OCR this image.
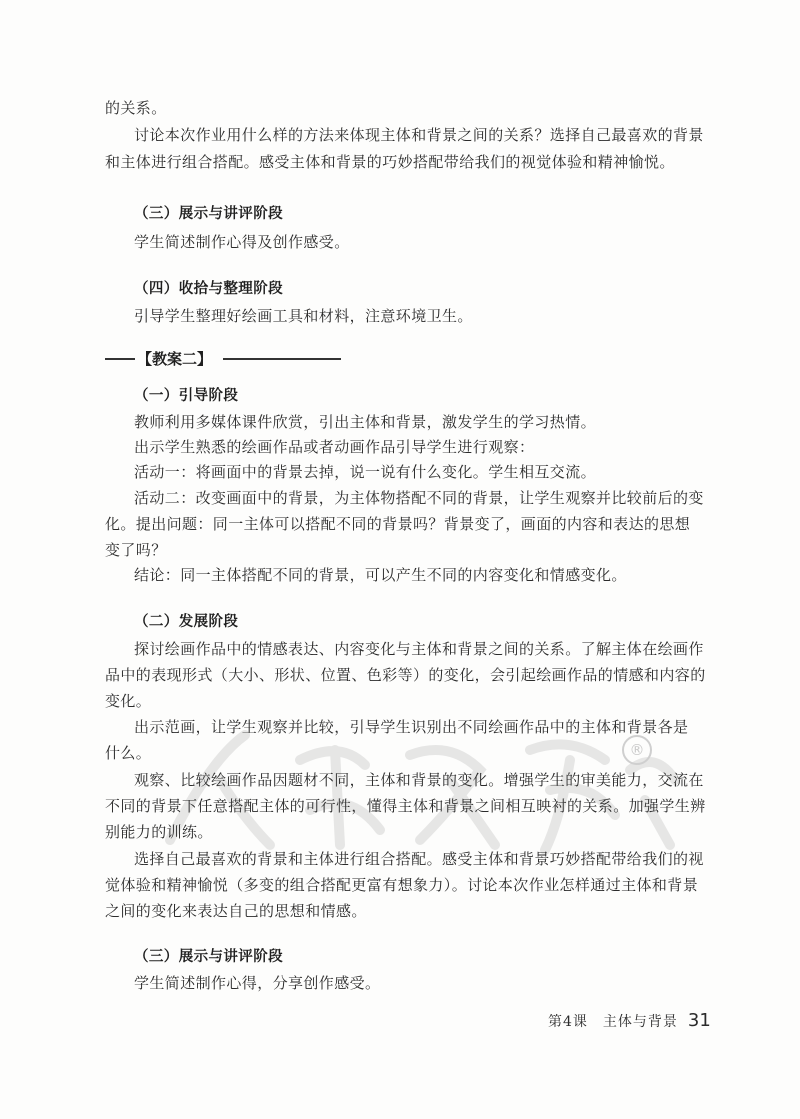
的关系。
讨论本次作业用什么样的方法来体现主体和背景之间的关系？选择自己最喜欢的背景
和主体进行组合搭配。感受主体和背景的巧妙搭配带给我们的视觉体验和精神愉悦。
（三）展示与讲评阶段
学生简述制作心得及创作感受。
（四）收拾与整理阶段
引导学生整理好绘画工具和材料，注意环境卫生。
【教案二】
（一）引导阶段
教师利用多媒体课件欣赏，引出主体和背景，激发学生的学习热情。
出示学生熟悉的绘画作品或者动画作品引导学生进行观察：
活动一：将画面中的背景去掉，说一说有什么变化。学生相互交流。
活动二：改变画面中的背景，为主体物搭配不同的背景，让学生观察并比较前后的变
化。提出问题：同一主体可以搭配不同的背景吗？背景变了，画面的内容和表达的思想
变了吗？
结论：同一主体搭配不同的背景，可以产生不同的内容变化和情感变化。
（二）发展阶段
探讨绘画作品中的情感表达、内容变化与主体和背景之间的关系。了解主体在绘画作
品中的表现形式（大小、形状、位置、色彩等）的变化，会引起绘画作品的情感和内容的
变化。
出示范画，让学生观察并比较，引导学生识别出不同绘画作品中的主体和背景各是
什么。
观察、比较绘画作品因题材不同，主体和背景的变化。增强学生的审美能力，交流在
不同的背景下任意搭配主体的可行性，懂得主体和背景之间相互映衬的关系。加强学生辨
别能力的训练。
选择自己最喜欢的背景和主体进行组合搭配。感受主体和背景巧妙搭配带给我们的视
觉体验和精神愉悦（多变的组合搭配更富有想象力）。讨论本次作业怎样通过主体和背景
之间的变化来表达自己的思想和情感。
（三）展示与讲评阶段
学生简述制作心得，分享创作感受。
®
第4课　主体与背景 31
